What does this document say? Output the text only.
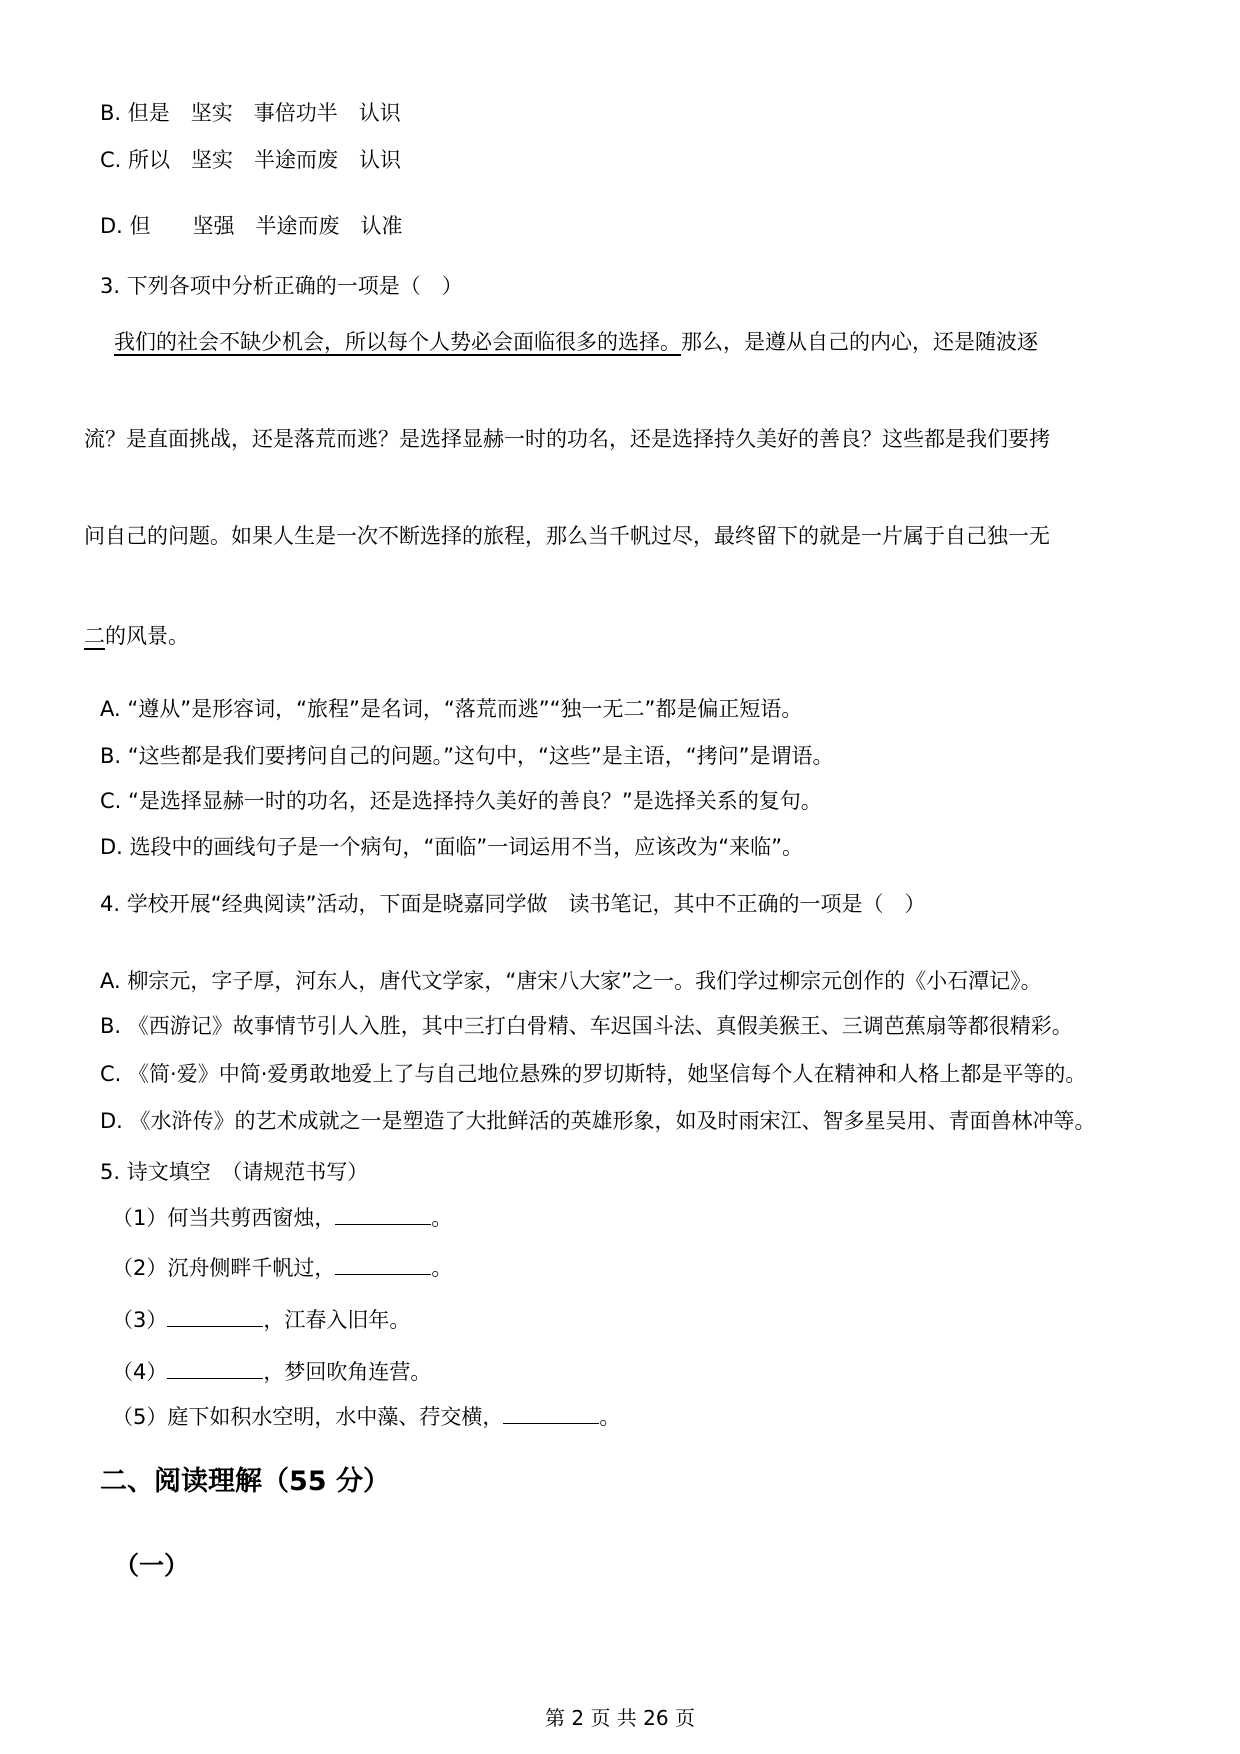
B. 但是　坚实　事倍功半　认识
C. 所以　坚实　半途而废　认识
D. 但　　坚强　半途而废　认准
3. 下列各项中分析正确的一项是（　）
我们的社会不缺少机会，所以每个人势必会面临很多的选择。那么，是遵从自己的内心，还是随波逐
流？是直面挑战，还是落荒而逃？是选择显赫一时的功名，还是选择持久美好的善良？这些都是我们要拷
问自己的问题。如果人生是一次不断选择的旅程，那么当千帆过尽，最终留下的就是一片属于自己独一无
二的风景。
A. “遵从”是形容词，“旅程”是名词，“落荒而逃”“独一无二”都是偏正短语。
B. “这些都是我们要拷问自己的问题。”这句中，“这些”是主语，“拷问”是谓语。
C. “是选择显赫一时的功名，还是选择持久美好的善良？”是选择关系的复句。
D. 选段中的画线句子是一个病句，“面临”一词运用不当，应该改为“来临”。
4. 学校开展“经典阅读”活动，下面是晓嘉同学做　读书笔记，其中不正确的一项是（　）
A. 柳宗元，字子厚，河东人，唐代文学家，“唐宋八大家”之一。我们学过柳宗元创作的《小石潭记》。
B. 《西游记》故事情节引人入胜，其中三打白骨精、车迟国斗法、真假美猴王、三调芭蕉扇等都很精彩。
C. 《简·爱》中简·爱勇敢地爱上了与自己地位悬殊的罗切斯特，她坚信每个人在精神和人格上都是平等的。
D. 《水浒传》的艺术成就之一是塑造了大批鲜活的英雄形象，如及时雨宋江、智多星吴用、青面兽林冲等。
5. 诗文填空　（请规范书写）
（1）何当共剪西窗烛，	。
（2）沉舟侧畔千帆过，	。
（3）	，江春入旧年。
（4）	，梦回吹角连营。
（5）庭下如积水空明，水中藻、荇交横，	。
二、阅读理解（55 分）
（一）
第 2 页 共 26 页
